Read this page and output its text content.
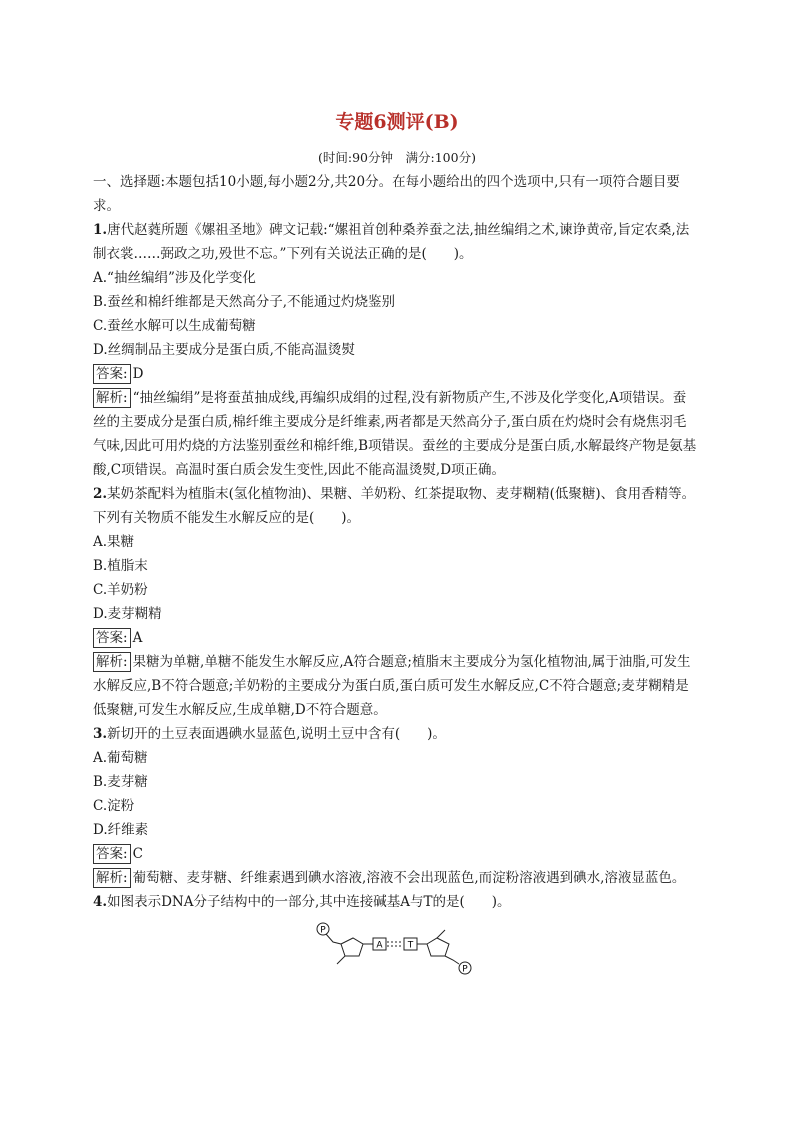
专题6测评(B)
(时间:90分钟　满分:100分)
一、选择题:本题包括10小题,每小题2分,共20分。在每小题给出的四个选项中,只有一项符合题目要求。
1.唐代赵蕤所题《嫘祖圣地》碑文记载:“嫘祖首创种桑养蚕之法,抽丝编绢之术,谏诤黄帝,旨定农桑,法制衣裳……弼政之功,殁世不忘。”下列有关说法正确的是(　　)。
A.“抽丝编绢”涉及化学变化
B.蚕丝和棉纤维都是天然高分子,不能通过灼烧鉴别
C.蚕丝水解可以生成葡萄糖
D.丝绸制品主要成分是蛋白质,不能高温烫熨
答案: D
解析: “抽丝编绢”是将蚕茧抽成线,再编织成绢的过程,没有新物质产生,不涉及化学变化,A项错误。蚕丝的主要成分是蛋白质,棉纤维主要成分是纤维素,两者都是天然高分子,蛋白质在灼烧时会有烧焦羽毛气味,因此可用灼烧的方法鉴别蚕丝和棉纤维,B项错误。蚕丝的主要成分是蛋白质,水解最终产物是氨基酸,C项错误。高温时蛋白质会发生变性,因此不能高温烫熨,D项正确。
2.某奶茶配料为植脂末(氢化植物油)、果糖、羊奶粉、红茶提取物、麦芽糊精(低聚糖)、食用香精等。下列有关物质不能发生水解反应的是(　　)。
A.果糖
B.植脂末
C.羊奶粉
D.麦芽糊精
答案: A
解析: 果糖为单糖,单糖不能发生水解反应,A符合题意;植脂末主要成分为氢化植物油,属于油脂,可发生水解反应,B不符合题意;羊奶粉的主要成分为蛋白质,蛋白质可发生水解反应,C不符合题意;麦芽糊精是低聚糖,可发生水解反应,生成单糖,D不符合题意。
3.新切开的土豆表面遇碘水显蓝色,说明土豆中含有(　　)。
A.葡萄糖
B.麦芽糖
C.淀粉
D.纤维素
答案: C
解析: 葡萄糖、麦芽糖、纤维素遇到碘水溶液,溶液不会出现蓝色,而淀粉溶液遇到碘水,溶液显蓝色。
4.如图表示DNA分子结构中的一部分,其中连接碱基A与T的是(　　)。
P
A	T
P
